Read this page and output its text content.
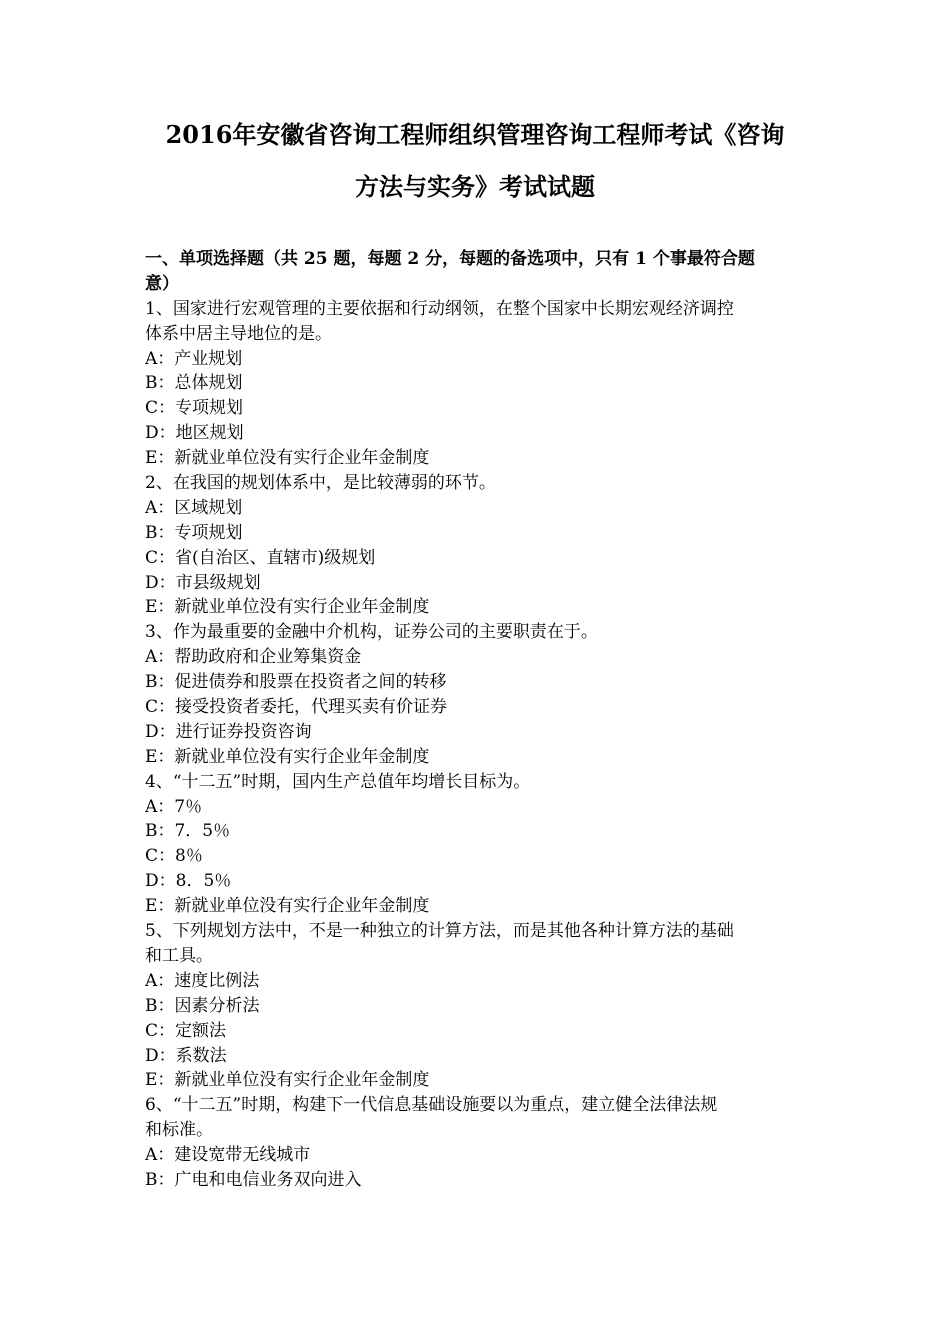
2016年安徽省咨询工程师组织管理咨询工程师考试《咨询
方法与实务》考试试题
一、单项选择题（共 25 题，每题 2 分，每题的备选项中，只有 1 个事最符合题
意）
1、国家进行宏观管理的主要依据和行动纲领，在整个国家中长期宏观经济调控
体系中居主导地位的是。
A：产业规划
B：总体规划
C：专项规划
D：地区规划
E：新就业单位没有实行企业年金制度
2、在我国的规划体系中，是比较薄弱的环节。
A：区域规划
B：专项规划
C：省(自治区、直辖市)级规划
D：市县级规划
E：新就业单位没有实行企业年金制度
3、作为最重要的金融中介机构，证券公司的主要职责在于。
A：帮助政府和企业筹集资金
B：促进债券和股票在投资者之间的转移
C：接受投资者委托，代理买卖有价证券
D：进行证券投资咨询
E：新就业单位没有实行企业年金制度
4、“十二五”时期，国内生产总值年均增长目标为。
A：7％
B：7．5％
C：8％
D：8．5％
E：新就业单位没有实行企业年金制度
5、下列规划方法中，不是一种独立的计算方法，而是其他各种计算方法的基础
和工具。
A：速度比例法
B：因素分析法
C：定额法
D：系数法
E：新就业单位没有实行企业年金制度
6、“十二五”时期，构建下一代信息基础设施要以为重点，建立健全法律法规
和标准。
A：建设宽带无线城市
B：广电和电信业务双向进入
